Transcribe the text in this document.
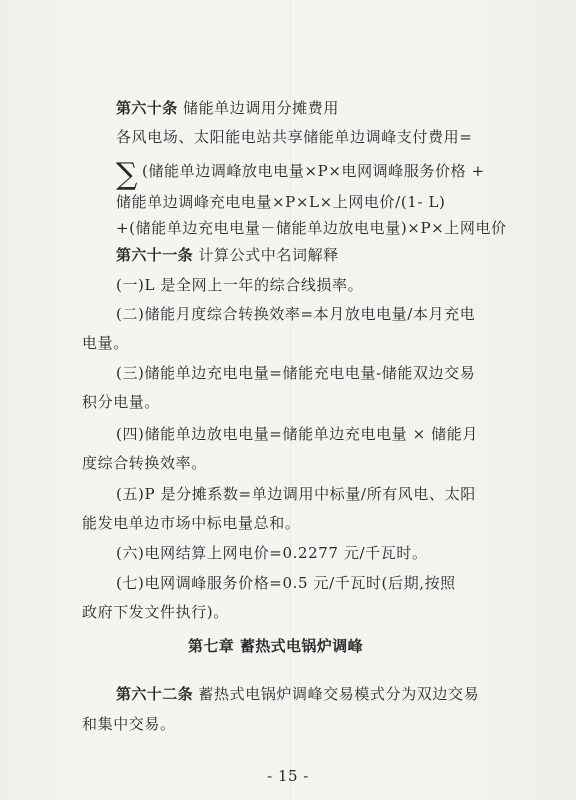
第六十条 储能单边调用分摊费用
各风电场、太阳能电站共享储能单边调峰支付费用=
∑ (储能单边调峰放电电量×P×电网调峰服务价格 +
储能单边调峰充电电量×P×L×上网电价/(1- L)
+(储能单边充电电量－储能单边放电电量)×P×上网电价
第六十一条 计算公式中名词解释
(一)L 是全网上一年的综合线损率。
(二)储能月度综合转换效率=本月放电电量/本月充电
电量。
(三)储能单边充电电量=储能充电电量-储能双边交易
积分电量。
(四)储能单边放电电量=储能单边充电电量 × 储能月
度综合转换效率。
(五)P 是分摊系数=单边调用中标量/所有风电、太阳
能发电单边市场中标电量总和。
(六)电网结算上网电价=0.2277 元/千瓦时。
(七)电网调峰服务价格=0.5 元/千瓦时(后期,按照
政府下发文件执行)。
第七章 蓄热式电锅炉调峰
第六十二条 蓄热式电锅炉调峰交易模式分为双边交易
和集中交易。
- 15 -
